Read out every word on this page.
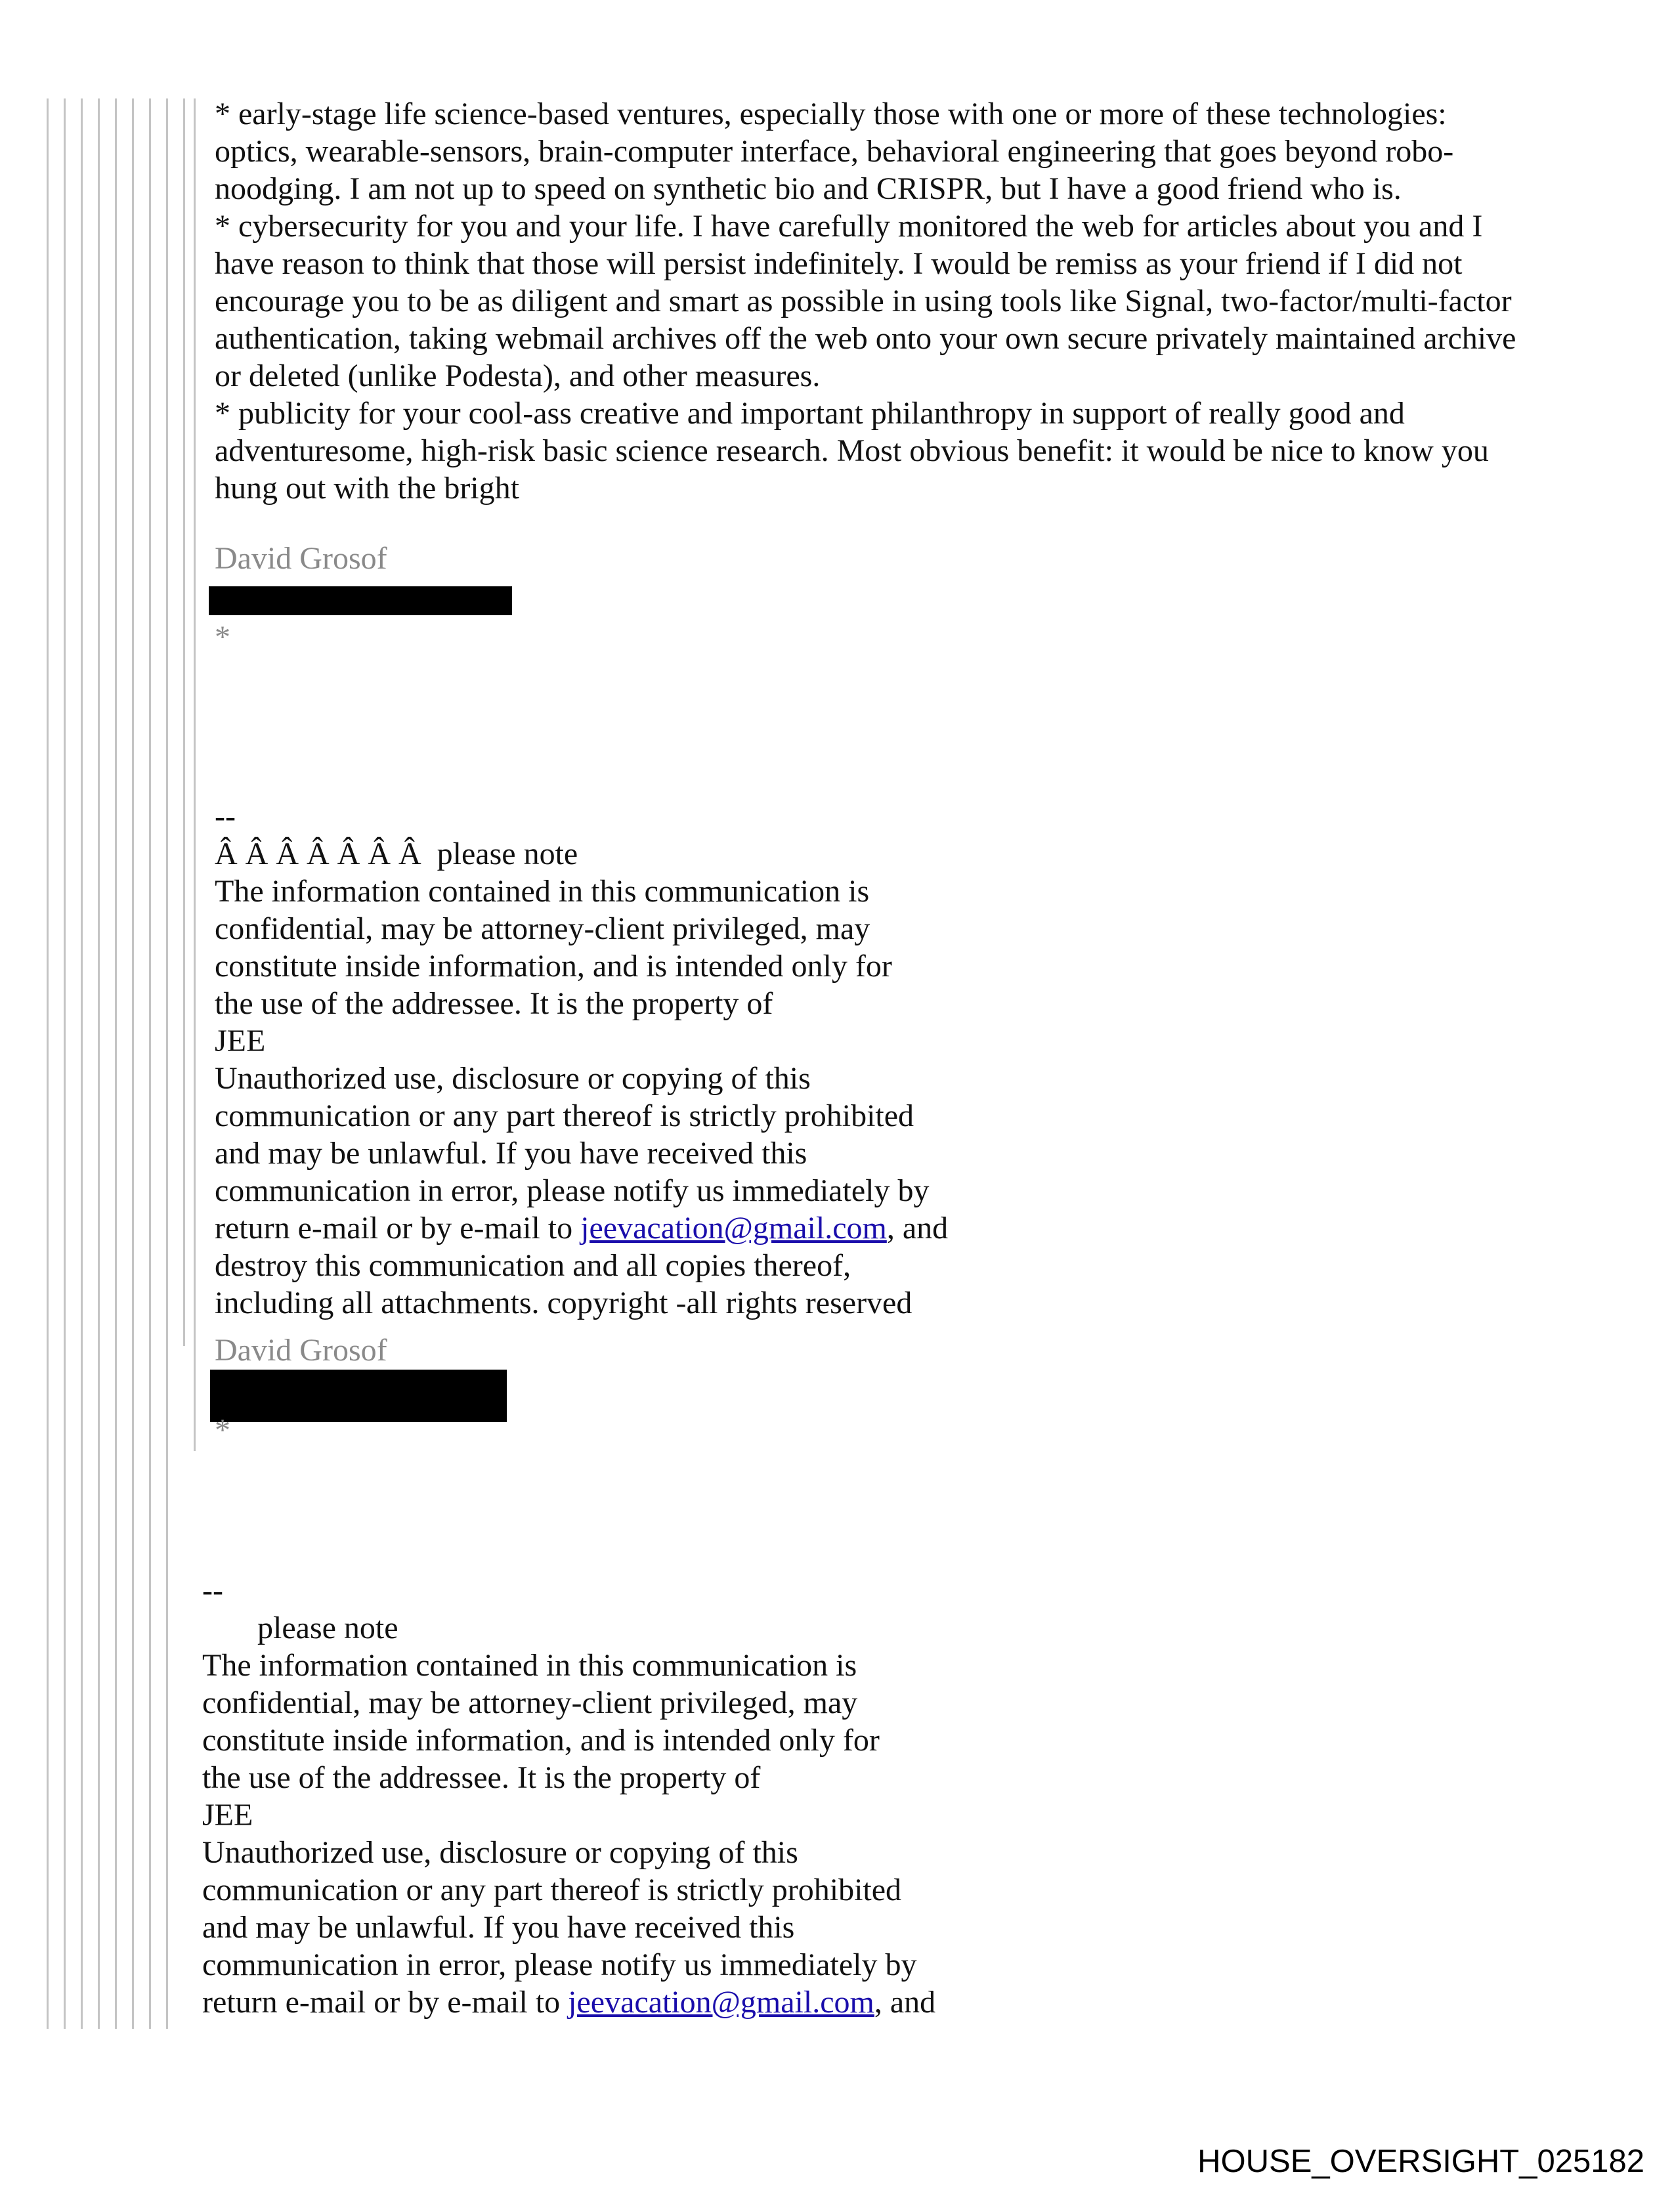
* early-stage life science-based ventures, especially those with one or more of these technologies:
optics, wearable-sensors, brain-computer interface, behavioral engineering that goes beyond robo-
noodging. I am not up to speed on synthetic bio and CRISPR, but I have a good friend who is.
* cybersecurity for you and your life. I have carefully monitored the web for articles about you and I
have reason to think that those will persist indefinitely. I would be remiss as your friend if I did not
encourage you to be as diligent and smart as possible in using tools like Signal, two-factor/multi-factor
authentication, taking webmail archives off the web onto your own secure privately maintained archive
or deleted (unlike Podesta), and other measures.
* publicity for your cool-ass creative and important philanthropy in support of really good and
adventuresome, high-risk basic science research. Most obvious benefit: it would be nice to know you
hung out with the bright
David Grosof
*
--
Â Â Â Â Â Â Â  please note
The information contained in this communication is
confidential, may be attorney-client privileged, may
constitute inside information, and is intended only for
the use of the addressee. It is the property of
JEE
Unauthorized use, disclosure or copying of this
communication or any part thereof is strictly prohibited
and may be unlawful. If you have received this
communication in error, please notify us immediately by
return e-mail or by e-mail to jeevacation@gmail.com, and
destroy this communication and all copies thereof,
including all attachments. copyright -all rights reserved
David Grosof
*
--
please note
The information contained in this communication is
confidential, may be attorney-client privileged, may
constitute inside information, and is intended only for
the use of the addressee. It is the property of
JEE
Unauthorized use, disclosure or copying of this
communication or any part thereof is strictly prohibited
and may be unlawful. If you have received this
communication in error, please notify us immediately by
return e-mail or by e-mail to jeevacation@gmail.com, and
HOUSE_OVERSIGHT_025182
